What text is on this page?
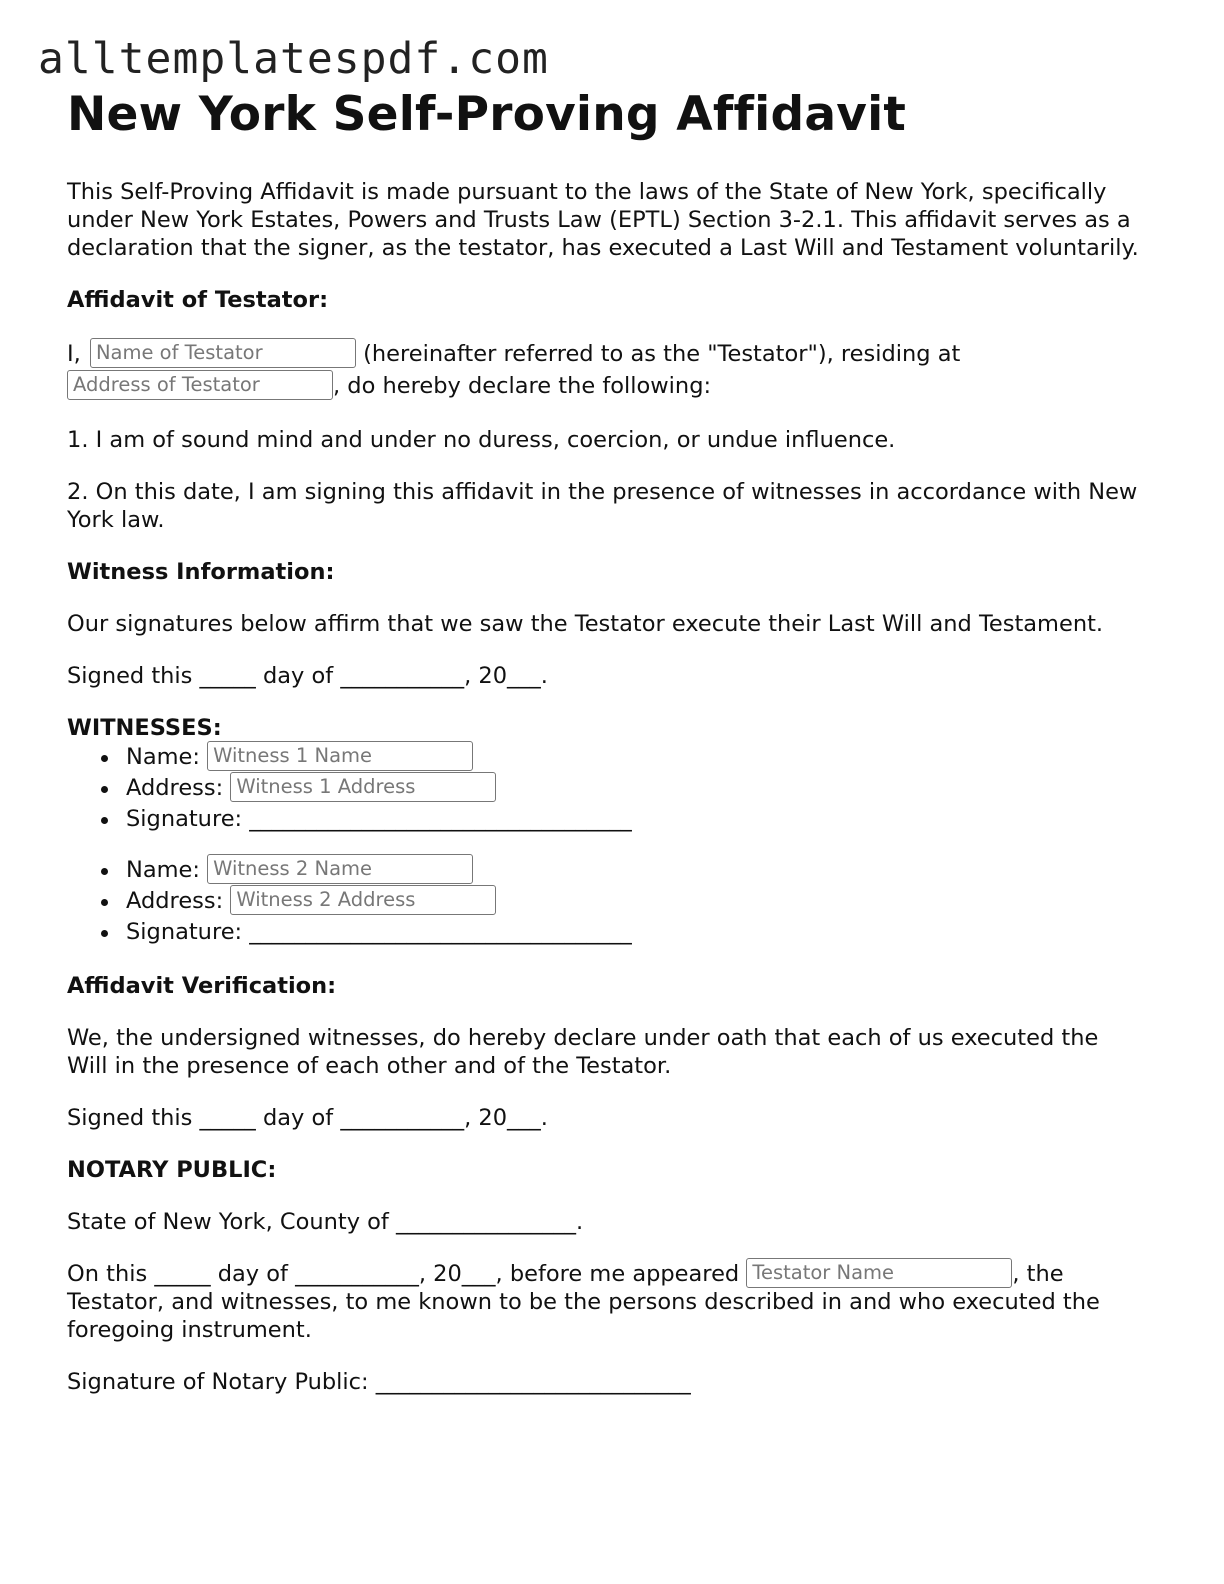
alltemplatespdf.com
New York Self-Proving Affidavit

This Self-Proving Affidavit is made pursuant to the laws of the State of New York, specifically under New York Estates, Powers and Trusts Law (EPTL) Section 3-2.1. This affidavit serves as a declaration that the signer, as the testator, has executed a Last Will and Testament voluntarily.

Affidavit of Testator:

I, Name of Testator	(hereinafter referred to as the "Testator"), residing at
Address of Testator	, do hereby declare the following:

1. I am of sound mind and under no duress, coercion, or undue influence.

2. On this date, I am signing this affidavit in the presence of witnesses in accordance with New York law.

Witness Information:

Our signatures below affirm that we saw the Testator execute their Last Will and Testament.

Signed this _____ day of ___________, 20___.

WITNESSES:

Name: Witness 1 Name
Address: Witness 1 Address
Signature: __________________________________
Name: Witness 2 Name
Address: Witness 2 Address
Signature: __________________________________

Affidavit Verification:

We, the undersigned witnesses, do hereby declare under oath that each of us executed the Will in the presence of each other and of the Testator.

Signed this _____ day of ___________, 20___.

NOTARY PUBLIC:

State of New York, County of ________________.

On this _____ day of ___________, 20___, before me appeared Testator Name	, the Testator, and witnesses, to me known to be the persons described in and who executed the foregoing instrument.

Signature of Notary Public: ____________________________
